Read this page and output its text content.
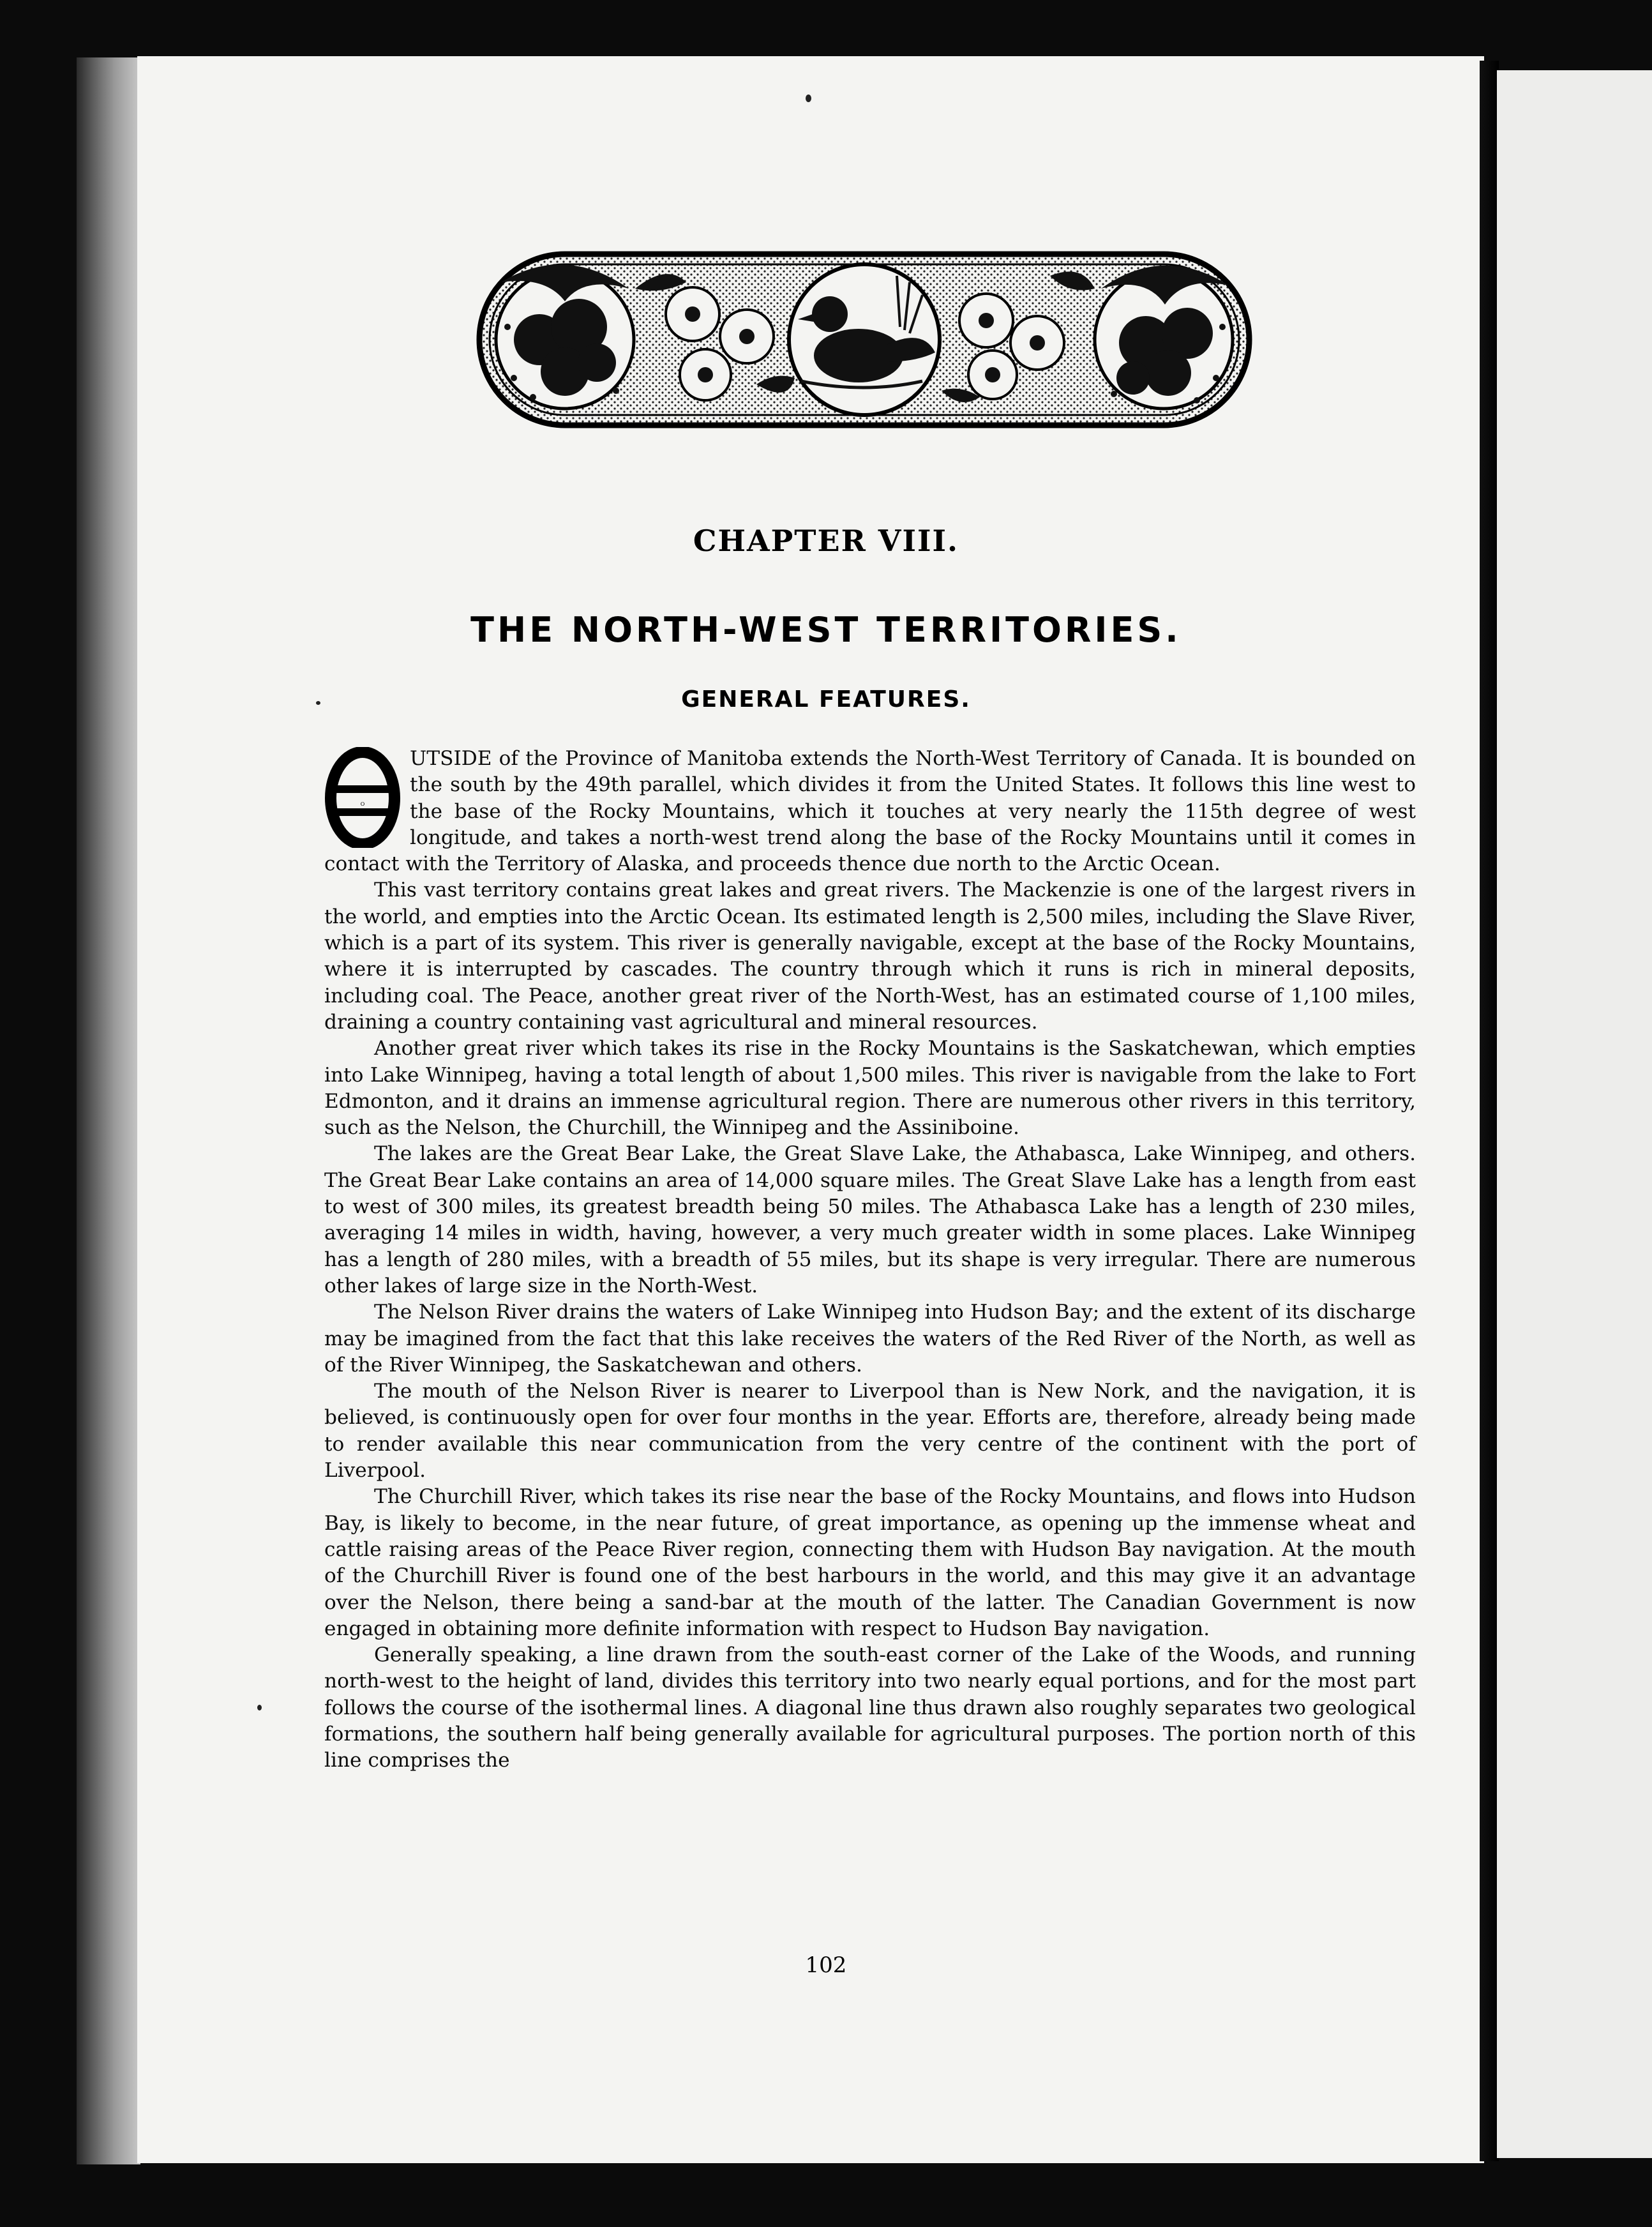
CHAPTER VIII.
THE NORTH-WEST TERRITORIES.
GENERAL FEATURES.

O
UTSIDE of the Province of Manitoba extends the North-West Territory of Canada. It is bounded on the south by the 49th parallel, which divides it from the United States. It follows this line west to the base of the Rocky Mountains, which it touches at very nearly the 115th degree of west longitude, and takes a north-west trend along the base of the Rocky Mountains until it comes in contact with the Territory of Alaska, and proceeds thence due north to the Arctic Ocean.

This vast territory contains great lakes and great rivers. The Mackenzie is one of the largest rivers in the world, and empties into the Arctic Ocean. Its estimated length is 2,500 miles, including the Slave River, which is a part of its system. This river is generally navigable, except at the base of the Rocky Mountains, where it is interrupted by cascades. The country through which it runs is rich in mineral deposits, including coal. The Peace, another great river of the North-West, has an estimated course of 1,100 miles, draining a country containing vast agricultural and mineral resources.

Another great river which takes its rise in the Rocky Mountains is the Saskatchewan, which empties into Lake Winnipeg, having a total length of about 1,500 miles. This river is navigable from the lake to Fort Edmonton, and it drains an immense agricultural region. There are numerous other rivers in this territory, such as the Nelson, the Churchill, the Winnipeg and the Assiniboine.

The lakes are the Great Bear Lake, the Great Slave Lake, the Athabasca, Lake Winnipeg, and others. The Great Bear Lake contains an area of 14,000 square miles. The Great Slave Lake has a length from east to west of 300 miles, its greatest breadth being 50 miles. The Athabasca Lake has a length of 230 miles, averaging 14 miles in width, having, however, a very much greater width in some places. Lake Winnipeg has a length of 280 miles, with a breadth of 55 miles, but its shape is very irregular. There are numerous other lakes of large size in the North-West.

The Nelson River drains the waters of Lake Winnipeg into Hudson Bay; and the extent of its discharge may be imagined from the fact that this lake receives the waters of the Red River of the North, as well as of the River Winnipeg, the Saskatchewan and others.

The mouth of the Nelson River is nearer to Liverpool than is New Nork, and the navigation, it is believed, is continuously open for over four months in the year. Efforts are, therefore, already being made to render available this near communication from the very centre of the continent with the port of Liverpool.

The Churchill River, which takes its rise near the base of the Rocky Mountains, and flows into Hudson Bay, is likely to become, in the near future, of great importance, as opening up the immense wheat and cattle raising areas of the Peace River region, connecting them with Hudson Bay navigation. At the mouth of the Churchill River is found one of the best harbours in the world, and this may give it an advantage over the Nelson, there being a sand-bar at the mouth of the latter. The Canadian Government is now engaged in obtaining more definite information with respect to Hudson Bay navigation.

Generally speaking, a line drawn from the south-east corner of the Lake of the Woods, and running north-west to the height of land, divides this territory into two nearly equal portions, and for the most part follows the course of the isothermal lines. A diagonal line thus drawn also roughly separates two geological formations, the southern half being generally available for agricultural purposes. The portion north of this line comprises the

102
